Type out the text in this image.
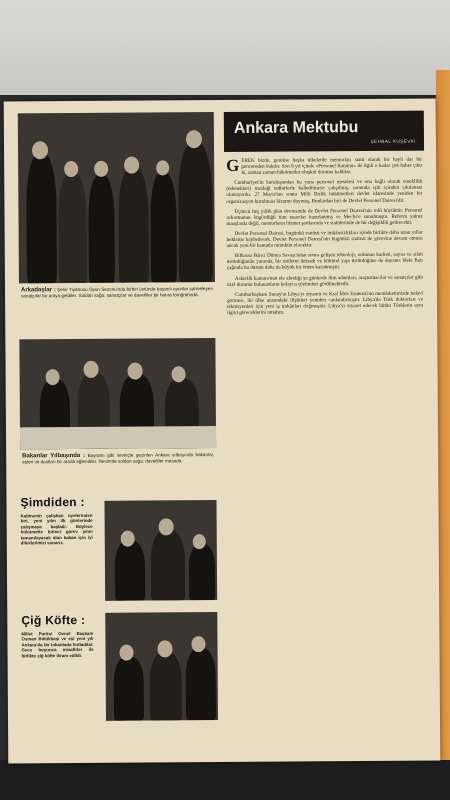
Arkadaşlar : Şehir Tiyatrosu Oyun Sezonu'nda birbiri üstünde başarılı oyunlar sahneleyen sanatçılar bir araya geldiler. Soldan sağa: sanatçılar ve davetliler bir hatıra fotoğrafında.
Bakanlar Yılbaşında : Bayramı gibi sevinçle geçirilen Ankara yılbaşında bakanlar, eşleri ve dostları bir arada eğlendiler. Resimde soldan sağa: davetliler masada.
Şimdiden :
Kabinenin çalışkan üyelerinden biri, yeni yılın ilk günlerinde çalışmaya başladı. Böylece hükümette birinci görev yılını tamamlayacak olan bakan için iyi dileklerimizi sunarız.
Çiğ Köfte :
Millet Partisi Genel Başkanı Osman Bölükbaşı ve eşi yeni yılı Ankara'da bir lokantada kutladılar. Gece boyunca misafirler ile birlikte çiğ köfte ikram edildi.
Ankara Mektubu
ŞEHBAL KUŞEVKI

GEREK bizde, gerekse başka ülkelerde memurları statü olarak bir hayli dar bir pencereden bakılır. Son 8 yıl içinde «Personel Kanunu» ile ilgili o kadar çok haber çıktı ki, zaman zaman hükümetler oluşkul duruma kaldılar.

Cumhuriyet'in kuruluşundan bu yana personel meselesi ve ona bağlı olarak emeklilik (ödenekleri) mesleği tedbirlerle halledilmeye çalışılmış, sonunda işin içinden çıkılamaz olunuyordu. 27 Mayıs'tan sonra Milli Birlik hükümetleri devlet idaresinde yeniden bir organizasyon kurulması lüzumu duymuş, Bunlardan biri de Devlet Personel Dairesi'dir.

Üçüncü beş yıllık plan devresinde de Devlet Personel Dairesi'nin rolü büyüktür. Personel reformunun öngördüğü tüm tasarılar hazırlanmış ve Meclis'e sunulmuştu. Reform yalnız maaşlarda değil, memurların hizmet şartlarında ve statülerinde de bir değişiklik getirecekti.

Devlet Personel Dairesi, bugünkü statüsü ve imkânsızlıkları içinde birlikte daha uzun yıllar bekleme kaybedecek. Devlet Personel Dairesi'nin bugünkü statüsü ile görevine devam etmesi ancak yeni bir kanunla mümkün olacaktır.

Bilhassa İkinci Dünya Savaşı'ndan sonra gelişen teknoloji, ordunun kudreti, sayısı ve silah üstünlüğünün yanında, bir milletin iktisadi ve kültürel yapı üstünlüğüne de dayanır. Hele Batı çağında bu durum daha da büyük bir önem kazanmıştır.

Askerlik kanunu'nun ele alındığı şu günlerde ilim adamları, araştırmacılar ve sanatçılar gibi özel durumu bulunanların kolayca çözümleri görülmektedir.

Cumhurbaşkanı Sunay'ın Libya'yı ziyareti ve Kral İdris Esunusi'nin memleketimizde tedavi görmesi, iki ülke arasındaki ilişkileri yeniden canlandırmıştır. Libya'da Türk doktorları ve teknisyenleri için yeni iş imkânları doğmuştur. Libya'yı ziyaret edecek bütün Türklerin aynı ilgiyi göreceklerini umalım.
